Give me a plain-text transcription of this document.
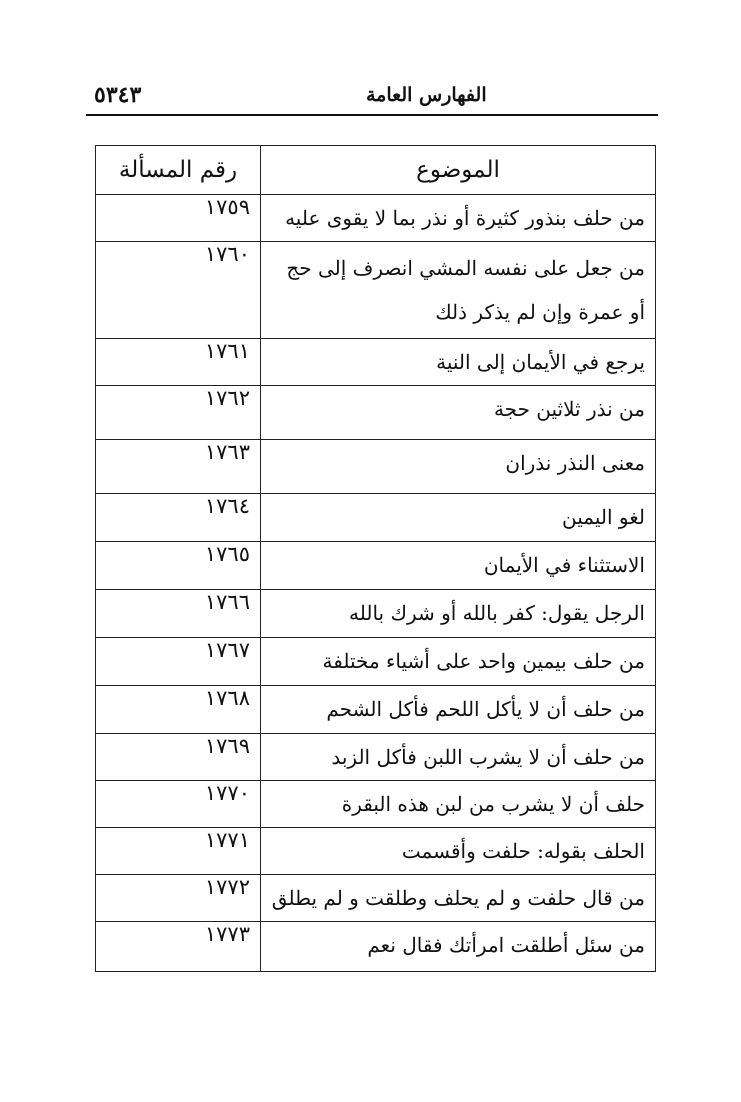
٥٣٤٣	الفهارس العامة
الموضوع	رقم المسألة
من حلف بنذور كثيرة أو نذر بما لا يقوى عليه	١٧٥٩
من جعل على نفسه المشي انصرف إلى حج أو عمرة وإن لم يذكر ذلك	١٧٦٠
يرجع في الأيمان إلى النية	١٧٦١
من نذر ثلاثين حجة	١٧٦٢
معنى النذر نذران	١٧٦٣
لغو اليمين	١٧٦٤
الاستثناء في الأيمان	١٧٦٥
الرجل يقول: كفر بالله أو شرك بالله	١٧٦٦
من حلف بيمين واحد على أشياء مختلفة	١٧٦٧
من حلف أن لا يأكل اللحم فأكل الشحم	١٧٦٨
من حلف أن لا يشرب اللبن فأكل الزبد	١٧٦٩
حلف أن لا يشرب من لبن هذه البقرة	١٧٧٠
الحلف بقوله: حلفت وأقسمت	١٧٧١
من قال حلفت و لم يحلف وطلقت و لم يطلق	١٧٧٢
من سئل أطلقت امرأتك فقال نعم	١٧٧٣
